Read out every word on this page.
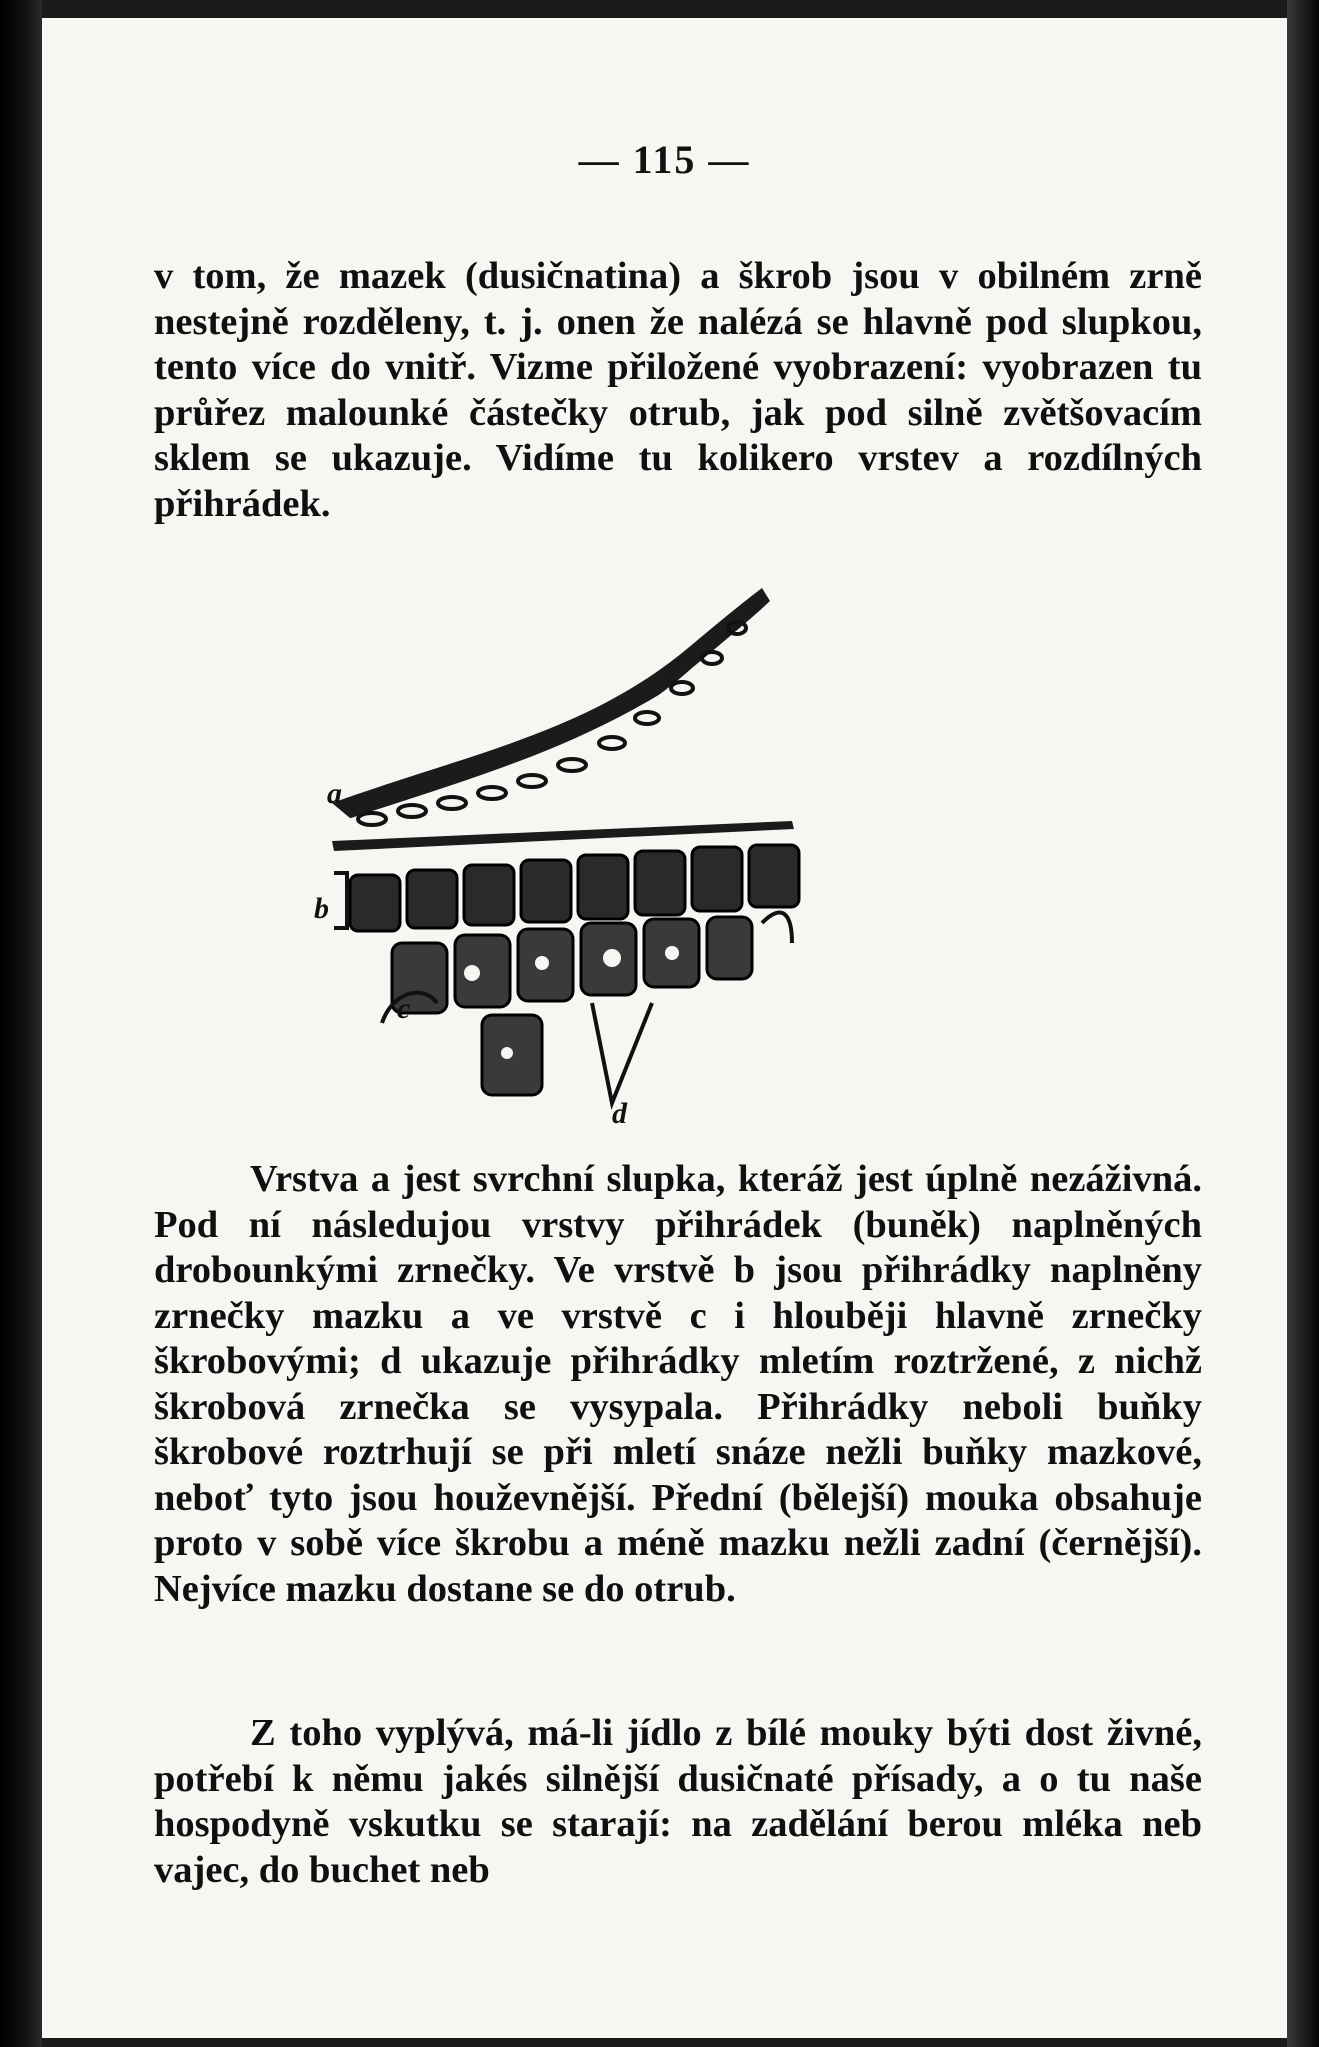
— 115 —

v tom, že mazek (dusičnatina) a škrob jsou v obilném zrně nestejně rozděleny, t. j. onen že nalézá se hlavně pod slupkou, tento více do vnitř. Vizme přiložené vyobrazení: vyobrazen tu průřez malounké částečky otrub, jak pod silně zvětšovacím sklem se ukazuje. Vidíme tu kolikero vrstev a rozdílných přihrádek.

a
b
c
d

Vrstva a jest svrchní slupka, kteráž jest úplně nezáživná. Pod ní následujou vrstvy přihrádek (buněk) naplněných drobounkými zrnečky. Ve vrstvě b jsou přihrádky naplněny zrnečky mazku a ve vrstvě c i hlouběji hlavně zrnečky škrobovými; d ukazuje přihrádky mletím roztržené, z nichž škrobová zrnečka se vysypala. Přihrádky neboli buňky škrobové roztrhují se při mletí snáze nežli buňky mazkové, neboť tyto jsou houževnější. Přední (bělejší) mouka obsahuje proto v sobě více škrobu a méně mazku nežli zadní (černější). Nejvíce mazku dostane se do otrub.

Z toho vyplývá, má-li jídlo z bílé mouky býti dost živné, potřebí k němu jakés silnější dusičnaté přísady, a o tu naše hospodyně vskutku se starají: na zadělání berou mléka neb vajec, do buchet neb
